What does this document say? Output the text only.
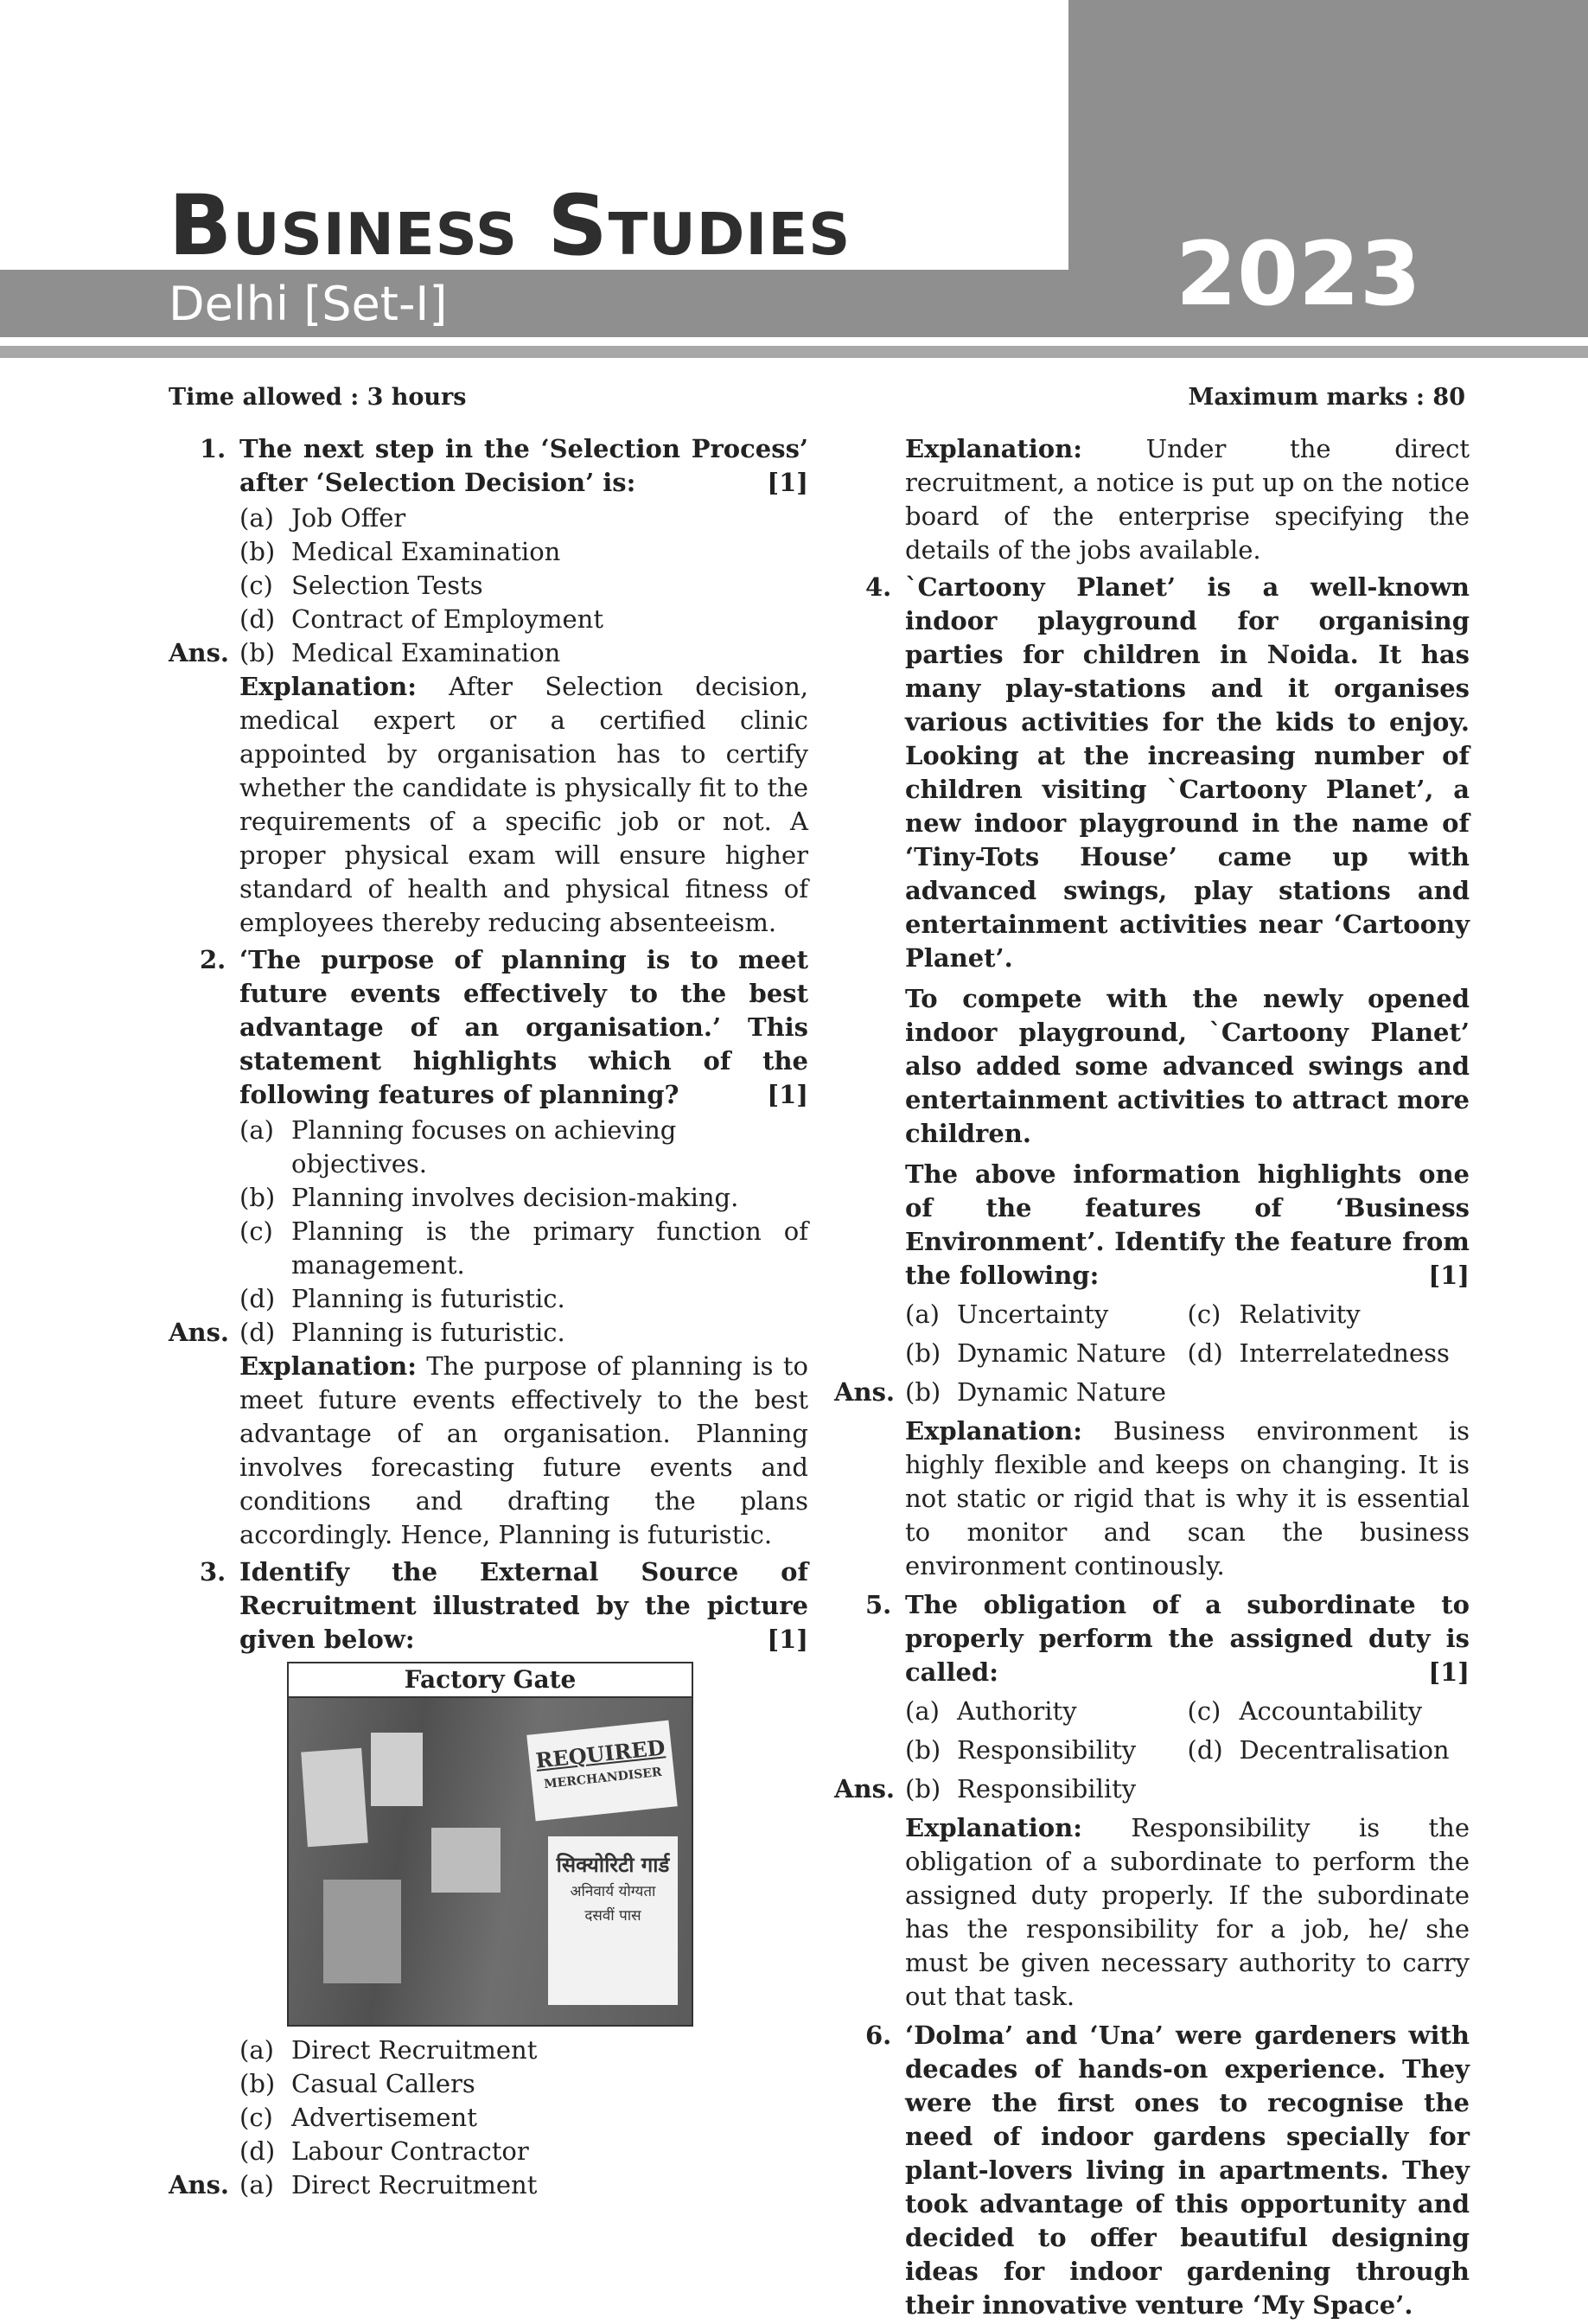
Business Studies
Delhi [Set-I]	2023
Time allowed : 3 hours	Maximum marks : 80
1. The next step in the ‘Selection Process’ after ‘Selection Decision’ is:	[1]
(a) Job Offer
(b) Medical Examination
(c) Selection Tests
(d) Contract of Employment
Ans. (b) Medical Examination
Explanation: After Selection decision, medical expert or a certified clinic appointed by organisation has to certify whether the candidate is physically fit to the requirements of a specific job or not. A proper physical exam will ensure higher standard of health and physical fitness of employees thereby reducing absenteeism.
2. ‘The purpose of planning is to meet future events effectively to the best advantage of an organisation.’ This statement highlights which of the following features of planning?	[1]
(a) Planning focuses on achieving objectives.
(b) Planning involves decision-making.
(c) Planning is the primary function of management.
(d) Planning is futuristic.
Ans. (d) Planning is futuristic.
Explanation: The purpose of planning is to meet future events effectively to the best advantage of an organisation. Planning involves forecasting future events and conditions and drafting the plans accordingly. Hence, Planning is futuristic.
3. Identify the External Source of Recruitment illustrated by the picture given below:	[1]
Factory Gate
REQUIRED
MERCHANDISER
सिक्योरिटी गार्ड
अनिवार्य योग्यता
दसवीं पास
(a) Direct Recruitment
(b) Casual Callers
(c) Advertisement
(d) Labour Contractor
Ans. (a) Direct Recruitment
Explanation:	Under the direct recruitment, a notice is put up on the notice board of the enterprise specifying the details of the jobs available.
4. `Cartoony Planet’ is a well-known indoor playground for organising parties for children in Noida. It has many play-stations and it organises various activities for the kids to enjoy. Looking at the increasing number of children visiting `Cartoony Planet’, a new indoor playground in the name of ‘Tiny-Tots House’ came up with advanced swings, play stations and entertainment activities near ‘Cartoony Planet’.
To compete with the newly opened indoor playground, `Cartoony Planet’ also added some advanced swings and entertainment activities to attract more children.
The above information highlights one of the features of ‘Business Environment’. Identify the feature from the following:	[1]
(a) Uncertainty	(c) Relativity
(b) Dynamic Nature (d) Interrelatedness
Ans. (b) Dynamic Nature
Explanation: Business environment is highly flexible and keeps on changing. It is not static or rigid that is why it is essential to monitor and scan the business environment continously.
5. The obligation of a subordinate to properly perform the assigned duty is called:	[1]
(a) Authority	(c) Accountability
(b) Responsibility	(d) Decentralisation
Ans. (b) Responsibility
Explanation: Responsibility is the obligation of a subordinate to perform the assigned duty properly. If the subordinate has the responsibility for a job, he/ she must be given necessary authority to carry out that task.
6. ‘Dolma’ and ‘Una’ were gardeners with decades of hands-on experience. They were the first ones to recognise the need of indoor gardens specially for plant-lovers living in apartments. They took advantage of this opportunity and decided to offer beautiful designing ideas for indoor gardening through their innovative venture ‘My Space’.
